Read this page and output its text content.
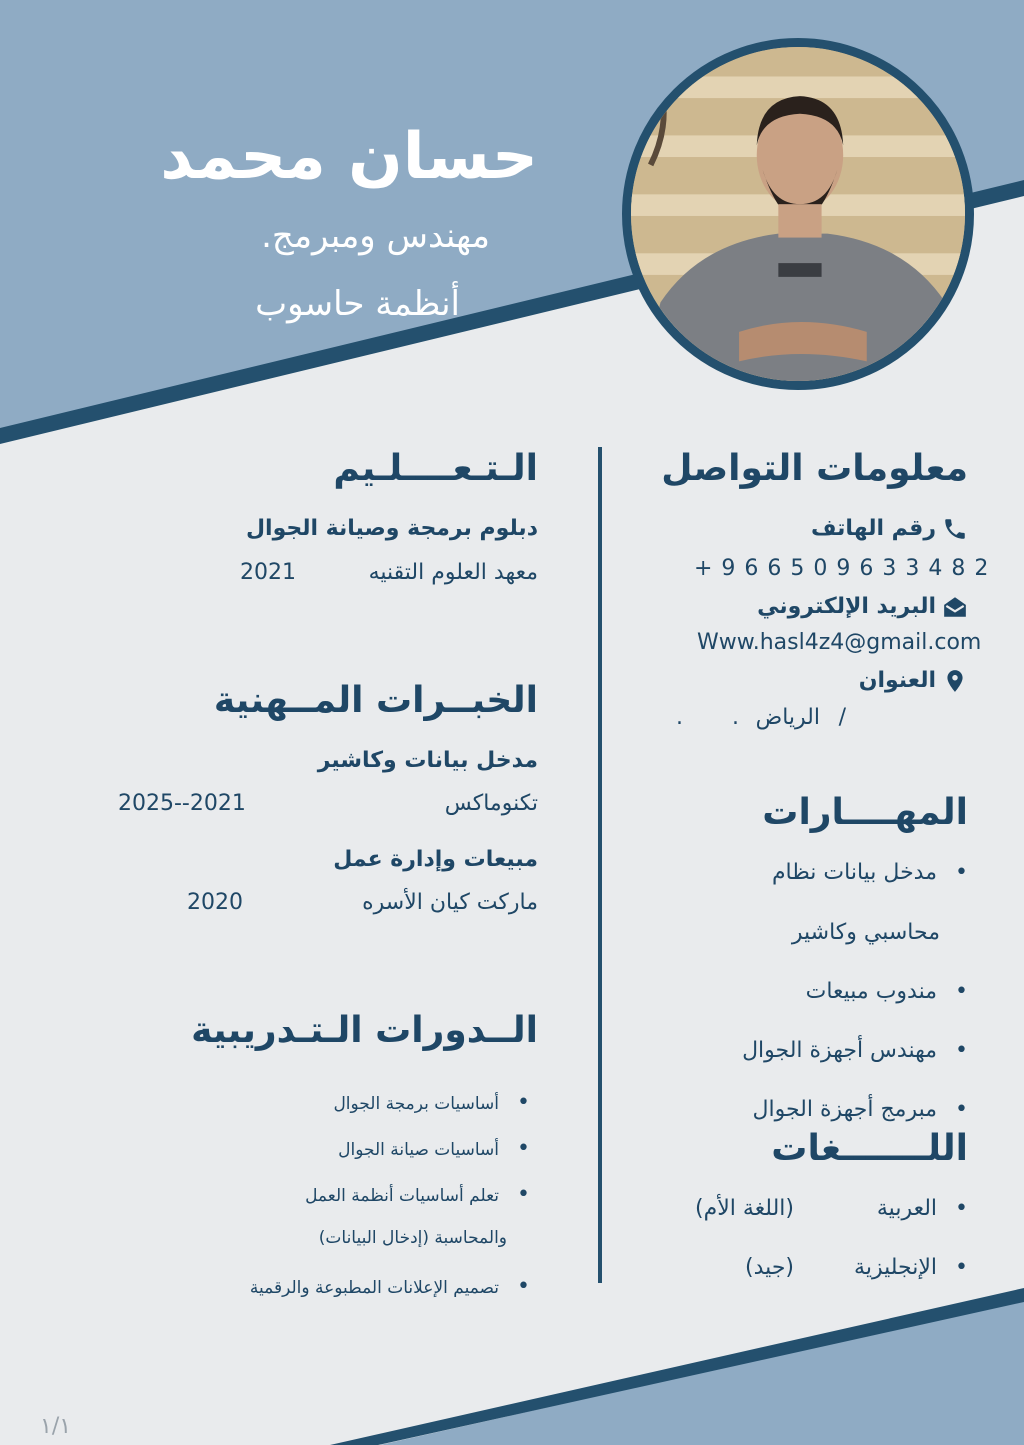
حسان محمد
مهندس ومبرمج.
أنظمة حاسوب
الـتـعــــلـيم
دبلوم برمجة وصيانة الجوال
معهد العلوم التقنيه
2021
الخبــرات المــهنية
مدخل بيانات وكاشير
تكنوماكس
2025--2021
مبيعات وإدارة عمل
ماركت كيان الأسره
2020
الــدورات الـتـدريبية
• أساسيات برمجة الجوال
• أساسيات صيانة الجوال
• تعلم أساسيات أنظمة العمل
والمحاسبة (إدخال البيانات)
• تصميم الإعلانات المطبوعة والرقمية
معلومات التواصل
رقم الهاتف
+ 9 6 6 5 0 9 6 3 3 4 8 2
البريد الإلكتروني
Www.hasl4z4@gmail.com
العنوان
/
الرياض
.       .
المهــــارات
• مدخل بيانات نظام
محاسبي وكاشير
• مندوب مبيعات
• مهندس أجهزة الجوال
• مبرمج أجهزة الجوال
اللـــــــغات
• العربية
(اللغة الأم)
• الإنجليزية
(جيد)
١/١
